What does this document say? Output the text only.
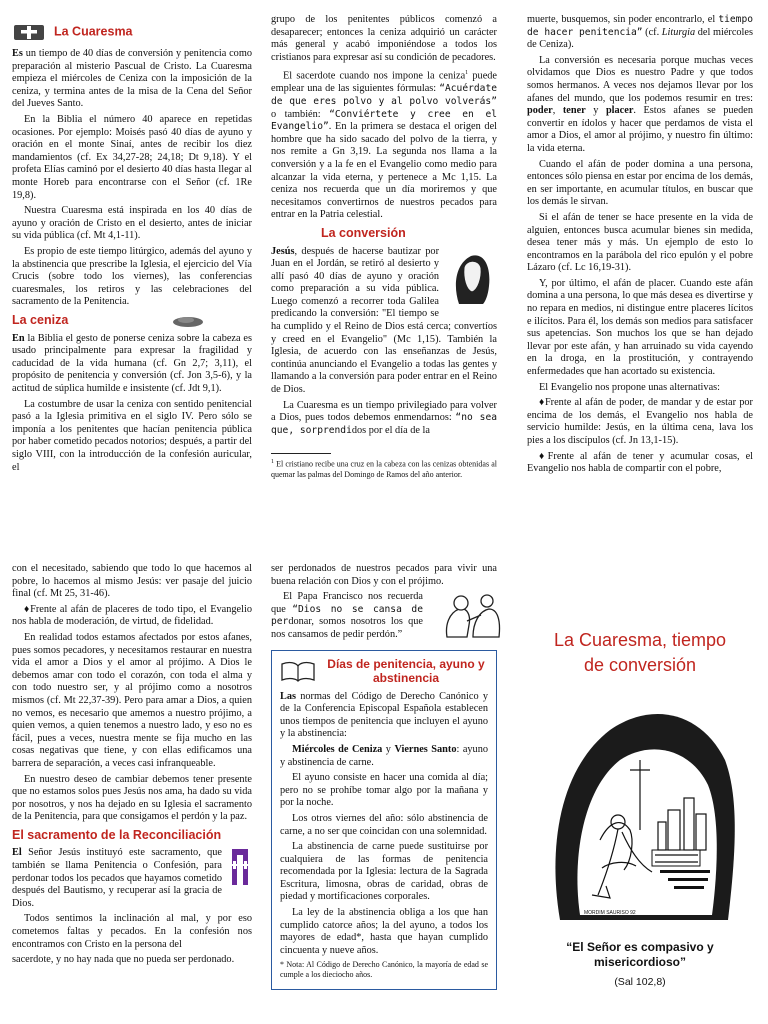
La Cuaresma

Es un tiempo de 40 días de conversión y penitencia como preparación al misterio Pascual de Cristo. La Cuaresma empieza el miércoles de Ceniza con la imposición de la ceniza, y termina antes de la misa de la Cena del Señor del Jueves Santo.

En la Biblia el número 40 aparece en repetidas ocasiones. Por ejemplo: Moisés pasó 40 días de ayuno y oración en el monte Sinaí, antes de recibir los diez mandamientos (cf. Ex 34,27-28; 24,18; Dt 9,18). Y el profeta Elías caminó por el desierto 40 días hasta llegar al monte Horeb para encontrarse con el Señor (cf. 1Re 19,8).

Nuestra Cuaresma está inspirada en los 40 días de ayuno y oración de Cristo en el desierto, antes de iniciar su vida pública (cf. Mt 4,1-11).

Es propio de este tiempo litúrgico, además del ayuno y la abstinencia que prescribe la Iglesia, el ejercicio del Vía Crucis (sobre todo los viernes), las conferencias cuaresmales, los retiros y las celebraciones del sacramento de la Penitencia.

La ceniza

En la Biblia el gesto de ponerse ceniza sobre la cabeza es usado principalmente para expresar la fragilidad y caducidad de la vida humana (cf. Gn 2,7; 3,11), el propósito de penitencia y conversión (cf. Jon 3,5-6), y la actitud de súplica humilde e insistente (cf. Jdt 9,1).

La costumbre de usar la ceniza con sentido penitencial pasó a la Iglesia primitiva en el siglo IV. Pero sólo se imponía a los penitentes que hacían penitencia pública por haber cometido pecados notorios; después, a partir del siglo VIII, con la introducción de la confesión auricular, el

grupo de los penitentes públicos comenzó a desaparecer; entonces la ceniza adquirió un carácter más general y acabó imponiéndose a todos los cristianos para expresar así su condición de pecadores.

El sacerdote cuando nos impone la ceniza$^1$ puede emplear una de las siguientes fórmulas: “Acuérdate de que eres polvo y al polvo volverás” o también: “Conviértete y cree en el Evangelio”. En la primera se destaca el origen del hombre que ha sido sacado del polvo de la tierra, y nos remite a Gn 3,19. La segunda nos llama a la conversión y a la fe en el Evangelio como medio para alcanzar la vida eterna, y pertenece a Mc 1,15. La ceniza nos recuerda que un día moriremos y que necesitamos convertirnos de nuestros pecados para entrar en la Patria celestial.

La conversión

Jesús, después de hacerse bautizar por Juan en el Jordán, se retiró al desierto y allí pasó 40 días de ayuno y oración como preparación a su vida pública. Luego comenzó a recorrer toda Galilea predicando la conversión: "El tiempo se ha cumplido y el Reino de Dios está cerca; convertíos y creed en el Evangelio" (Mc 1,15). También la Iglesia, de acuerdo con las enseñanzas de Jesús, continúa anunciando el Evangelio a todas las gentes y llamando a la conversión para poder entrar en el Reino de Dios.

La Cuaresma es un tiempo privilegiado para volver a Dios, pues todos debemos enmendarnos: “no sea que, sorprendidos por el día de la

$^1$ El cristiano recibe una cruz en la cabeza con las cenizas obtenidas al quemar las palmas del Domingo de Ramos del año anterior.

muerte, busquemos, sin poder encontrarlo, el tiempo de hacer penitencia” (cf. Liturgia del miércoles de Ceniza).

La conversión es necesaria porque muchas veces olvidamos que Dios es nuestro Padre y que todos somos hermanos. A veces nos dejamos llevar por los afanes del mundo, que los podemos resumir en tres: poder, tener y placer. Estos afanes se pueden convertir en ídolos y hacer que perdamos de vista el amor a Dios, el amor al prójimo, y nuestro fin último: la vida eterna.

Cuando el afán de poder domina a una persona, entonces sólo piensa en estar por encima de los demás, en ser importante, en acumular títulos, en buscar que los demás le sirvan.

Si el afán de tener se hace presente en la vida de alguien, entonces busca acumular bienes sin medida, desea tener más y más. Un ejemplo de esto lo encontramos en la parábola del rico epulón y el pobre Lázaro (cf. Lc 16,19-31).

Y, por último, el afán de placer. Cuando este afán domina a una persona, lo que más desea es divertirse y no repara en medios, ni distingue entre placeres lícitos e ilícitos. Para él, los demás son medios para satisfacer sus apetencias. Son muchos los que se han dejado llevar por este afán, y han arruinado su vida cayendo en la droga, en la prostitución, y contrayendo enfermedades que han acortado su existencia.

El Evangelio nos propone unas alternativas:

♦Frente al afán de poder, de mandar y de estar por encima de los demás, el Evangelio nos habla de servicio humilde: Jesús, en la última cena, lava los pies a los discípulos (cf. Jn 13,1-15).

♦Frente al afán de tener y acumular cosas, el Evangelio nos habla de compartir con el pobre,

con el necesitado, sabiendo que todo lo que hacemos al pobre, lo hacemos al mismo Jesús: ver pasaje del juicio final (cf. Mt 25, 31-46).

♦Frente al afán de placeres de todo tipo, el Evangelio nos habla de moderación, de virtud, de fidelidad.

En realidad todos estamos afectados por estos afanes, pues somos pecadores, y necesitamos restaurar en nuestra vida el amor a Dios y el amor al prójimo. A Dios le debemos amar con todo el corazón, con toda el alma y con todo nuestro ser, y al prójimo como a nosotros mismos (cf. Mt 22,37-39). Pero para amar a Dios, a quien no vemos, es necesario que amemos a nuestro prójimo, a quien vemos, a quien tenemos a nuestro lado, y eso no es fácil, pues a veces, nuestra mente se fija mucho en las cosas negativas que tiene, y con ellas edificamos una barrera de separación, a veces casi infranqueable.

En nuestro deseo de cambiar debemos tener presente que no estamos solos pues Jesús nos ama, ha dado su vida por nosotros, y nos ha dejado en su Iglesia el sacramento de la Penitencia, para que consigamos el perdón y la paz.

El sacramento de la Reconciliación

El Señor Jesús instituyó este sacramento, que también se llama Penitencia o Confesión, para perdonar todos los pecados que hayamos cometido después del Bautismo, y recuperar así la gracia de Dios.

Todos sentimos la inclinación al mal, y por eso cometemos faltas y pecados. En la confesión nos encontramos con Cristo en la persona del

sacerdote, y no hay nada que no pueda ser perdonado.

ser perdonados de nuestros pecados para vivir una buena relación con Dios y con el prójimo.

El Papa Francisco nos recuerda que “Dios no se cansa de perdonar, somos nosotros los que nos cansamos de pedir perdón.”

Días de penitencia, ayuno y abstinencia

Las normas del Código de Derecho Canónico y de la Conferencia Episcopal Española establecen unos tiempos de penitencia que incluyen el ayuno y la abstinencia:

Miércoles de Ceniza y Viernes Santo: ayuno y abstinencia de carne.

El ayuno consiste en hacer una comida al día; pero no se prohíbe tomar algo por la mañana y por la noche.

Los otros viernes del año: sólo abstinencia de carne, a no ser que coincidan con una solemnidad.

La abstinencia de carne puede sustituirse por cualquiera de las formas de penitencia recomendada por la Iglesia: lectura de la Sagrada Escritura, limosna, obras de caridad, obras de piedad y mortificaciones corporales.

La ley de la abstinencia obliga a los que han cumplido catorce años; la del ayuno, a todos los mayores de edad*, hasta que hayan cumplido cincuenta y nueve años.

* Nota: Al Código de Derecho Canónico, la mayoría de edad se cumple a los dieciocho años.

La Cuaresma, tiempo
de conversión
MORDIM SAURISO 92
“El Señor es compasivo y
misericordioso”
(Sal 102,8)
